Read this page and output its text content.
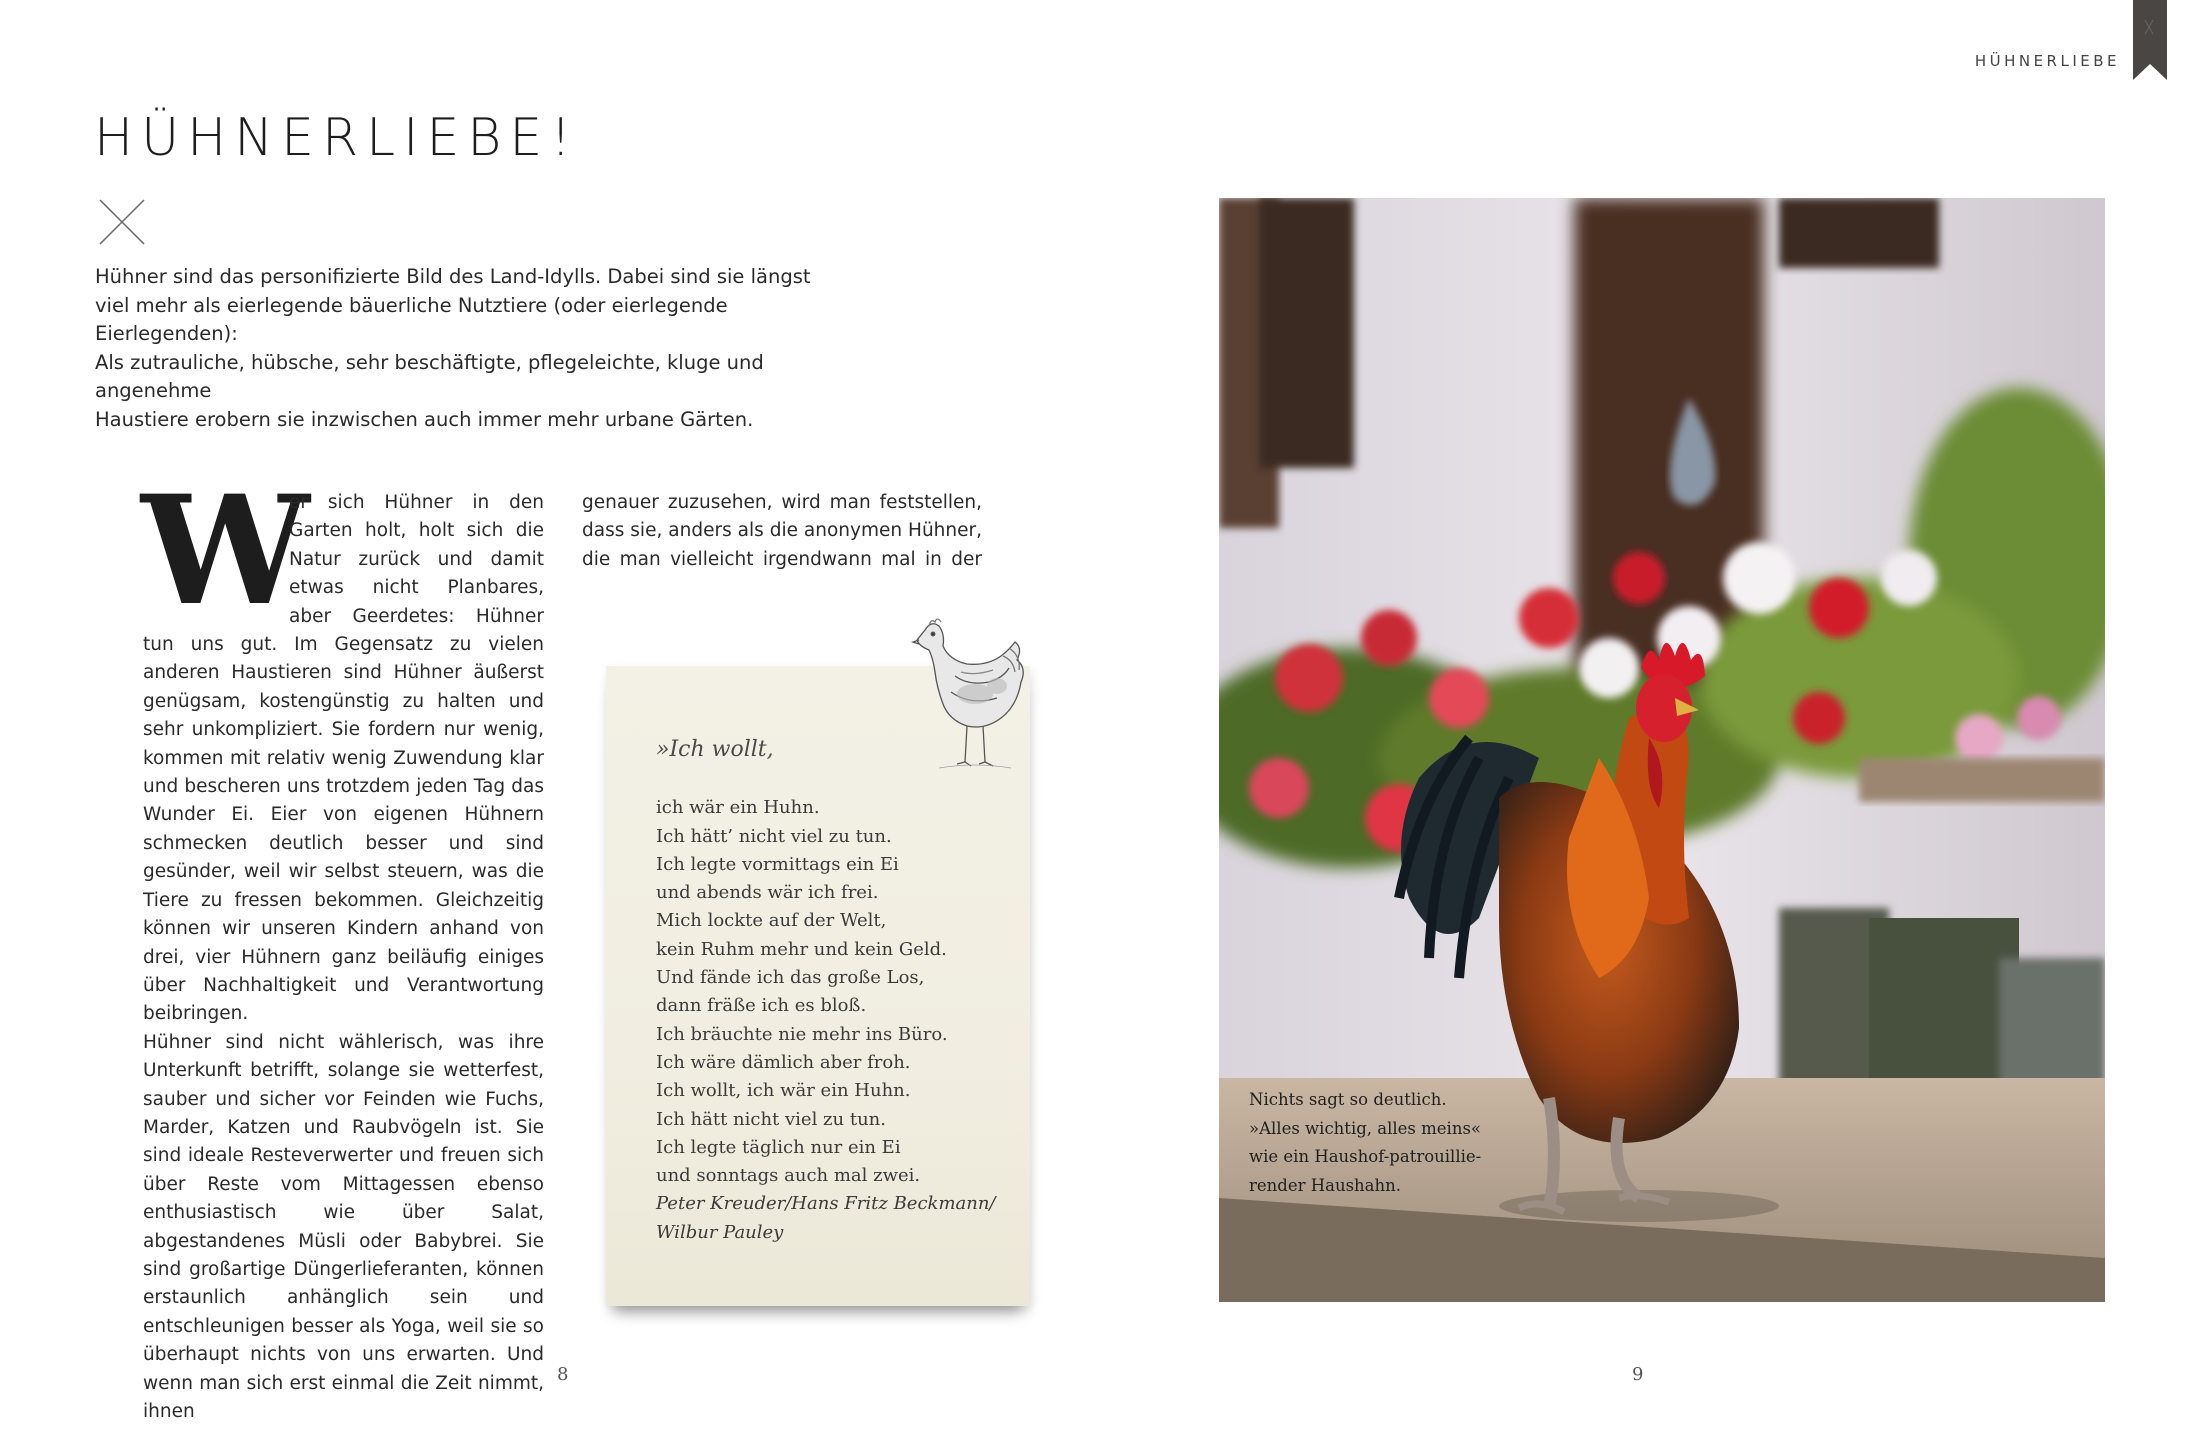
HÜHNERLIEBE
HÜHNERLIEBE!
Hühner sind das personifizierte Bild des Land-Idylls. Dabei sind sie längst
viel mehr als eierlegende bäuerliche Nutztiere (oder eierlegende Eierlegenden):
Als zutrauliche, hübsche, sehr beschäftigte, pflegeleichte, kluge und angenehme
Haustiere erobern sie inzwischen auch immer mehr urbane Gärten.
W

er sich Hühner in den Garten holt, holt sich die Natur zurück und damit etwas nicht Planbares, aber Geerdetes: Hühner tun uns gut. Im Gegensatz zu vielen anderen Haustieren sind Hühner äußerst genügsam, kostengünstig zu halten und sehr unkompliziert. Sie fordern nur wenig, kommen mit relativ wenig Zuwendung klar und bescheren uns trotzdem jeden Tag das Wunder Ei. Eier von eigenen Hühnern schmecken deutlich besser und sind gesünder, weil wir selbst steuern, was die Tiere zu fressen bekommen. Gleichzeitig können wir unseren Kindern anhand von drei, vier Hühnern ganz beiläufig einiges über Nachhaltigkeit und Verantwortung beibringen.

Hühner sind nicht wählerisch, was ihre Unterkunft betrifft, solange sie wetterfest, sauber und sicher vor Feinden wie Fuchs, Marder, Katzen und Raubvögeln ist. Sie sind ideale Resteverwerter und freuen sich über Reste vom Mittagessen ebenso enthusiastisch wie über Salat, abgestandenes Müsli oder Babybrei. Sie sind großartige Düngerlieferanten, können erstaunlich anhänglich sein und entschleunigen besser als Yoga, weil sie so überhaupt nichts von uns erwarten. Und wenn man sich erst einmal die Zeit nimmt, ihnen

genauer zuzusehen, wird man feststellen, dass sie, anders als die anonymen Hühner, die man vielleicht irgendwann mal in der
»Ich wollt,
ich wär ein Huhn.
Ich hätt’ nicht viel zu tun.
Ich legte vormittags ein Ei
und abends wär ich frei.
Mich lockte auf der Welt,
kein Ruhm mehr und kein Geld.
Und fände ich das große Los,
dann fräße ich es bloß.
Ich bräuchte nie mehr ins Büro.
Ich wäre dämlich aber froh.
Ich wollt, ich wär ein Huhn.
Ich hätt nicht viel zu tun.
Ich legte täglich nur ein Ei
und sonntags auch mal zwei.
Peter Kreuder/Hans Fritz Beckmann/
Wilbur Pauley
8
Nichts sagt so deutlich.
»Alles wichtig, alles meins«
wie ein Haushof-patrouillie-
render Haushahn.
9
